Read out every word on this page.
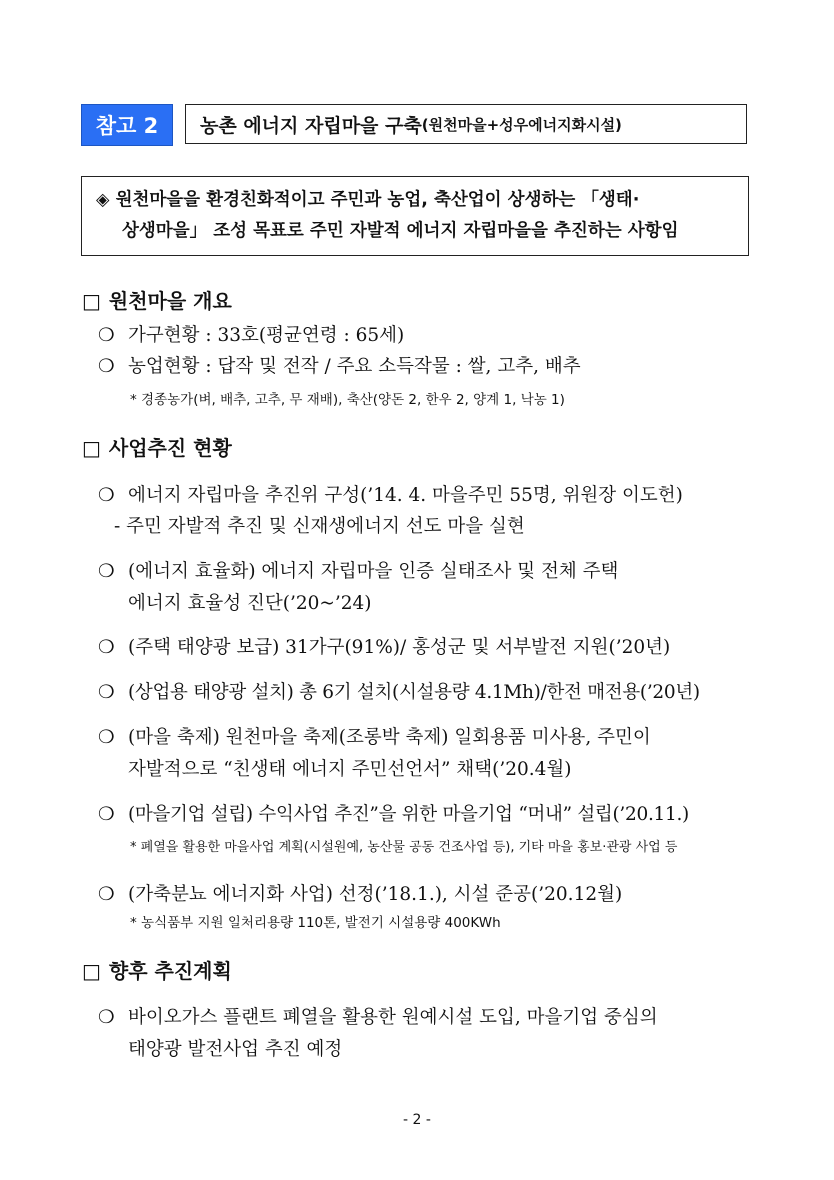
참고 2	농촌 에너지 자립마을 구축 (원천마을+성우에너지화시설)
◈ 원천마을을 환경친화적이고 주민과 농업, 축산업이 상생하는 「생태·
상생마을」 조성 목표로 주민 자발적 에너지 자립마을을 추진하는 사항임
□ 원천마을 개요
❍ 가구현황 : 33호(평균연령 : 65세)
❍ 농업현황 : 답작 및 전작 / 주요 소득작물 : 쌀, 고추, 배추
* 경종농가(벼, 배추, 고추, 무 재배), 축산(양돈 2, 한우 2, 양계 1, 낙농 1)
□ 사업추진 현황
❍ 에너지 자립마을 추진위 구성(’14. 4. 마을주민 55명, 위원장 이도헌)
- 주민 자발적 추진 및 신재생에너지 선도 마을 실현
❍ (에너지 효율화) 에너지 자립마을 인증 실태조사 및 전체 주택
에너지 효율성 진단(’20~’24)
❍ (주택 태양광 보급) 31가구(91%)/ 홍성군 및 서부발전 지원(’20년)
❍ (상업용 태양광 설치) 총 6기 설치(시설용량 4.1Mh)/한전 매전용(’20년)
❍ (마을 축제) 원천마을 축제(조롱박 축제) 일회용품 미사용, 주민이
자발적으로 “친생태 에너지 주민선언서” 채택(’20.4월)
❍ (마을기업 설립) 수익사업 추진”을 위한 마을기업 “머내” 설립(’20.11.)
* 폐열을 활용한 마을사업 계획(시설원예, 농산물 공동 건조사업 등), 기타 마을 홍보·관광 사업 등
❍ (가축분뇨 에너지화 사업) 선정(’18.1.), 시설 준공(’20.12월)
* 농식품부 지원 일처리용량 110톤, 발전기 시설용량 400KWh
□ 향후 추진계획
❍ 바이오가스 플랜트 폐열을 활용한 원예시설 도입, 마을기업 중심의
태양광 발전사업 추진 예정
- 2 -
